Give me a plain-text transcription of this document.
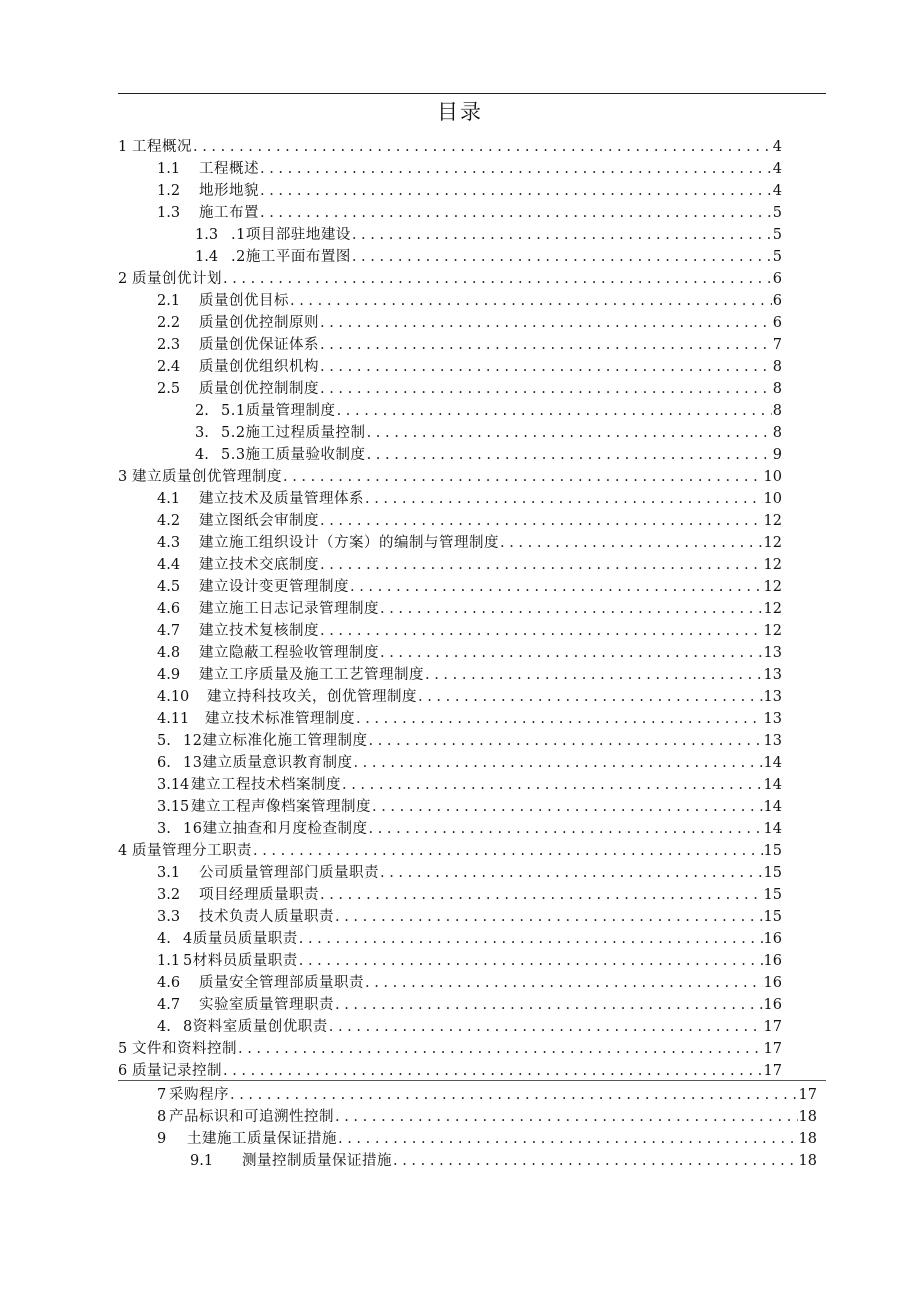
目录
1 工程概况 . . .	4
1.1	工程概述 . . .	4
1.2	地形地貌 . . .	4
1.3	施工布置 . . .	5
1.3 .1项目部驻地建设 . . .	5
1.4 .2施工平面布置图 . . .	5
2 质量创优计划 . . .	6
2.1	质量创优目标 . . .	6
2.2	质量创优控制原则 . . .	6
2.3	质量创优保证体系 . . .	7
2.4	质量创优组织机构 . . .	8
2.5	质量创优控制制度 . . .	8
2. 5.1质量管理制度 . . .	8
3. 5.2施工过程质量控制 . . .	8
4. 5.3施工质量验收制度 . . .	9
3 建立质量创优管理制度 . . .	10
4.1	建立技术及质量管理体系 . . .	10
4.2	建立图纸会审制度 . . .	12
4.3	建立施工组织设计（方案）的编制与管理制度 . . .	12
4.4	建立技术交底制度 . . .	12
4.5	建立设计变更管理制度 . . .	12
4.6	建立施工日志记录管理制度 . . .	12
4.7	建立技术复核制度 . . .	12
4.8	建立隐蔽工程验收管理制度 . . .	13
4.9	建立工序质量及施工工艺管理制度 . . .	13
4.10	建立持科技攻关，创优管理制度 . . .	13
4.11	建立技术标准管理制度 . . .	13
5. 12建立标准化施工管理制度 . . .	13
6. 13建立质量意识教育制度 . . .	14
3.14 建立工程技术档案制度 . . .	14
3.15 建立工程声像档案管理制度 . . .	14
3. 16建立抽查和月度检查制度 . . .	14
4 质量管理分工职责 . . .	15
3.1	公司质量管理部门质量职责 . . .	15
3.2	项目经理质量职责 . . .	15
3.3	技术负责人质量职责 . . .	15
4. 4质量员质量职责 . . .	16
1.1 5材料员质量职责 . . .	16
4.6	质量安全管理部质量职责 . . .	16
4.7	实验室质量管理职责 . . .	16
4. 8资料室质量创优职责 . . .	17
5 文件和资料控制 . . .	17
6 质量记录控制 . . .	17
7 采购程序 . . .	17
8 产品标识和可追溯性控制 . . .	18
9	土建施工质量保证措施 . . .	18
9.1	测量控制质量保证措施 . . .	18
